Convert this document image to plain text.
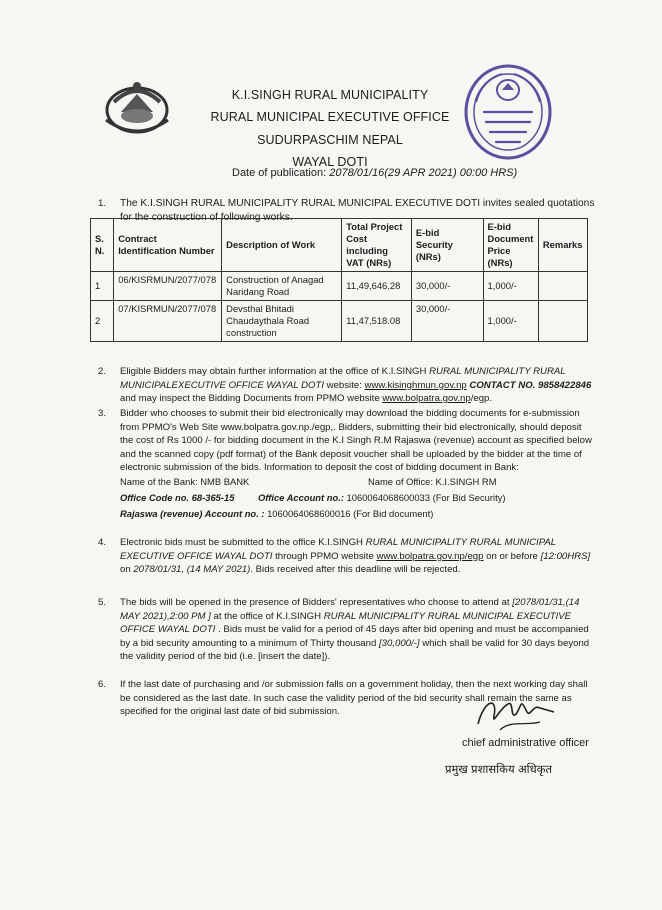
K.I.SINGH RURAL MUNICIPALITY
RURAL MUNICIPAL EXECUTIVE OFFICE
SUDURPASCHIM NEPAL
WAYAL DOTI
Date of publication: 2078/01/16(29 APR 2021) 00:00 HRS)
1. The K.I.SINGH RURAL MUNICIPALITY RURAL MUNICIPAL EXECUTIVE DOTI invites sealed quotations for the construction of following works.
S. N.	Contract Identification Number	Description of Work	Total Project Cost including VAT (NRs)	E-bid Security (NRs)	E-bid Document Price (NRs)	Remarks
1	06/KISRMUN/2077/078	Construction of Anagad Naridang Road	11,49,646.28	30,000/-	1,000/-	
2	07/KISRMUN/2077/078	Devsthal Bhitadi Chaudaythala Road construction	11,47,518.08	30,000/-	1,000/-	
2. Eligible Bidders may obtain further information at the office of K.I.SINGH RURAL MUNICIPALITY RURAL MUNICIPALEXECUTIVE OFFICE WAYAL DOTI website: www.kisinghmun.gov.np CONTACT NO. 9858422846 and may inspect the Bidding Documents from PPMO website www.bolpatra.gov.np/egp.
3. Bidder who chooses to submit their bid electronically may download the bidding documents for e-submission from PPMO's Web Site www.bolpatra.gov.np./egp,. Bidders, submitting their bid electronically, should deposit the cost of Rs 1000 /- for bidding document in the K.I Singh R.M Rajaswa (revenue) account as specified below and the scanned copy (pdf format) of the Bank deposit voucher shall be uploaded by the bidder at the time of electronic submission of the bids. Information to deposit the cost of bidding document in Bank:
Name of the Bank: NMB BANK	Name of Office: K.I.SINGH RM
Office Code no. 68-365-15	Office Account no.: 1060064068600033 (For Bid Security)
Rajaswa (revenue) Account no. : 1060064068600016 (For Bid document)
4. Electronic bids must be submitted to the office K.I.SINGH RURAL MUNICIPALITY RURAL MUNICIPAL EXECUTIVE OFFICE WAYAL DOTI through PPMO website www.bolpatra.gov.np/egp on or before [12:00HRS] on 2078/01/31, (14 MAY 2021). Bids received after this deadline will be rejected.
5. The bids will be opened in the presence of Bidders' representatives who choose to attend at [2078/01/31,(14 MAY 2021),2:00 PM ] at the office of K.I.SINGH RURAL MUNICIPALITY RURAL MUNICIPAL EXECUTIVE OFFICE WAYAL DOTI . Bids must be valid for a period of 45 days after bid opening and must be accompanied by a bid security amounting to a minimum of Thirty thousand [30,000/-] which shall be valid for 30 days beyond the validity period of the bid (i.e. [insert the date]).
6. If the last date of purchasing and /or submission falls on a government holiday, then the next working day shall be considered as the last date. In such case the validity period of the bid security shall remain the same as specified for the original last date of bid submission.
chief administrative officer
प्रमुख प्रशासकिय अधिकृत
